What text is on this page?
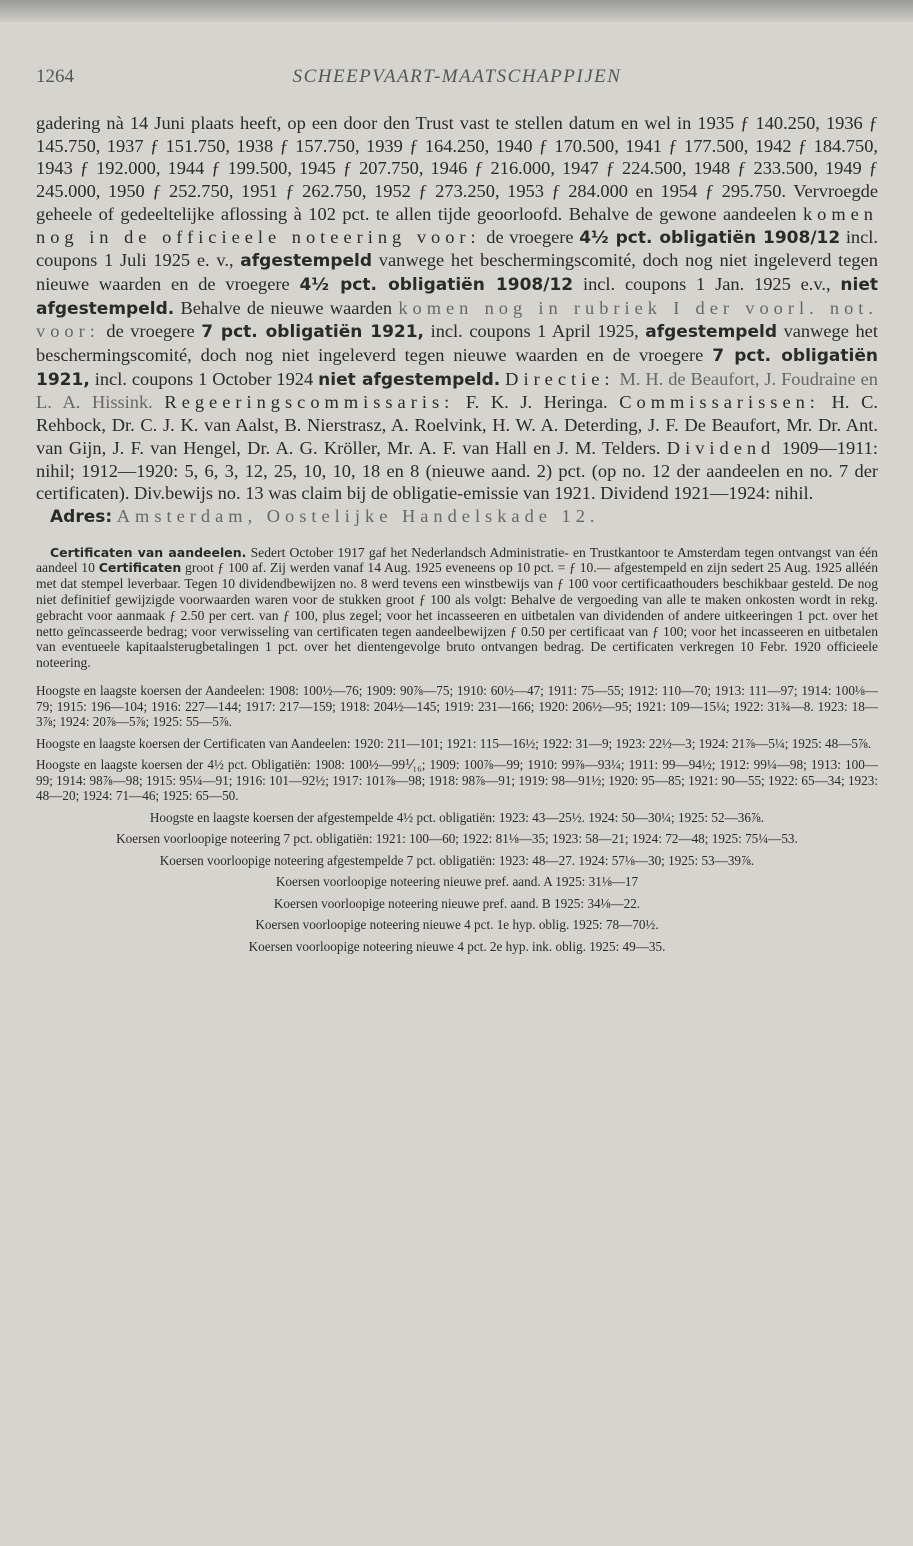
1264	SCHEEPVAART-MAATSCHAPPIJEN
gadering nà 14 Juni plaats heeft, op een door den Trust vast te stellen datum en wel in 1935 ƒ 140.250, 1936 ƒ 145.750, 1937 ƒ 151.750, 1938 ƒ 157.750, 1939 ƒ 164.250, 1940 ƒ 170.500, 1941 ƒ 177.500, 1942 ƒ 184.750, 1943 ƒ 192.000, 1944 ƒ 199.500, 1945 ƒ 207.750, 1946 ƒ 216.000, 1947 ƒ 224.500, 1948 ƒ 233.500, 1949 ƒ 245.000, 1950 ƒ 252.750, 1951 ƒ 262.750, 1952 ƒ 273.250, 1953 ƒ 284.000 en 1954 ƒ 295.750. Vervroegde geheele of gedeeltelijke aflossing à 102 pct. te allen tijde geoorloofd. Behalve de gewone aandeelen komen nog in de officieele noteering voor: de vroegere 4½ pct. obligatiën 1908/12 incl. coupons 1 Juli 1925 e. v., afgestempeld vanwege het beschermingscomité, doch nog niet ingeleverd tegen nieuwe waarden en de vroegere 4½ pct. obligatiën 1908/12 incl. coupons 1 Jan. 1925 e.v., niet afgestempeld. Behalve de nieuwe waarden komen nog in rubriek I der voorl. not. voor: de vroegere 7 pct. obligatiën 1921, incl. coupons 1 April 1925, afgestempeld vanwege het beschermingscomité, doch nog niet ingeleverd tegen nieuwe waarden en de vroegere 7 pct. obligatiën 1921, incl. coupons 1 October 1924 niet afgestempeld. Directie: M. H. de Beaufort, J. Foudraine en L. A. Hissink. Regeeringscommissaris: F. K. J. Heringa. Commissarissen: H. C. Rehbock, Dr. C. J. K. van Aalst, B. Nierstrasz, A. Roelvink, H. W. A. Deterding, J. F. De Beaufort, Mr. Dr. Ant. van Gijn, J. F. van Hengel, Dr. A. G. Kröller, Mr. A. F. van Hall en J. M. Telders. Dividend 1909—1911: nihil; 1912—1920: 5, 6, 3, 12, 25, 10, 10, 18 en 8 (nieuwe aand. 2) pct. (op no. 12 der aandeelen en no. 7 der certificaten). Div.bewijs no. 13 was claim bij de obligatie-emissie van 1921. Dividend 1921—1924: nihil.
Adres: Amsterdam, Oostelijke Handelskade 12.
Certificaten van aandeelen. Sedert October 1917 gaf het Nederlandsch Administratie- en Trustkantoor te Amsterdam tegen ontvangst van één aandeel 10 Certificaten groot ƒ 100 af. Zij werden vanaf 14 Aug. 1925 eveneens op 10 pct. = ƒ 10.— afgestempeld en zijn sedert 25 Aug. 1925 alléén met dat stempel leverbaar. Tegen 10 dividendbewijzen no. 8 werd tevens een winstbewijs van ƒ 100 voor certificaathouders beschikbaar gesteld. De nog niet definitief gewijzigde voorwaarden waren voor de stukken groot ƒ 100 als volgt: Behalve de vergoeding van alle te maken onkosten wordt in rekg. gebracht voor aanmaak ƒ 2.50 per cert. van ƒ 100, plus zegel; voor het incasseeren en uitbetalen van dividenden of andere uitkeeringen 1 pct. over het netto geïncasseerde bedrag; voor verwisseling van certificaten tegen aandeelbewijzen ƒ 0.50 per certificaat van ƒ 100; voor het incasseeren en uitbetalen van eventueele kapitaalsterugbetalingen 1 pct. over het dientengevolge bruto ontvangen bedrag. De certificaten verkregen 10 Febr. 1920 officieele noteering.
Hoogste en laagste koersen der Aandeelen: 1908: 100½—76; 1909: 90⅞—75; 1910: 60½—47; 1911: 75—55; 1912: 110—70; 1913: 111—97; 1914: 100⅛—79; 1915: 196—104; 1916: 227—144; 1917: 217—159; 1918: 204½—145; 1919: 231—166; 1920: 206½—95; 1921: 109—15¼; 1922: 31¾—8. 1923: 18—3⅞; 1924: 20⅞—5⅞; 1925: 55—5⅞.
Hoogste en laagste koersen der Certificaten van Aandeelen: 1920: 211—101; 1921: 115—16½; 1922: 31—9; 1923: 22½—3; 1924: 21⅞—5¼; 1925: 48—5⅞.
Hoogste en laagste koersen der 4½ pct. Obligatiën: 1908: 100½—99⅟₁₆; 1909: 100⅞—99; 1910: 99⅞—93¼; 1911: 99—94½; 1912: 99¼—98; 1913: 100—99; 1914: 98⅞—98; 1915: 95¼—91; 1916: 101—92½; 1917: 101⅞—98; 1918: 98⅞—91; 1919: 98—91½; 1920: 95—85; 1921: 90—55; 1922: 65—34; 1923: 48—20; 1924: 71—46; 1925: 65—50.
Hoogste en laagste koersen der afgestempelde 4½ pct. obligatiën: 1923: 43—25½. 1924: 50—30¼; 1925: 52—36⅞.
Koersen voorloopige noteering 7 pct. obligatiën: 1921: 100—60; 1922: 81⅛—35; 1923: 58—21; 1924: 72—48; 1925: 75¼—53.
Koersen voorloopige noteering afgestempelde 7 pct. obligatiën: 1923: 48—27. 1924: 57⅛—30; 1925: 53—39⅞.
Koersen voorloopige noteering nieuwe pref. aand. A 1925: 31⅛—17
Koersen voorloopige noteering nieuwe pref. aand. B 1925: 34⅛—22.
Koersen voorloopige noteering nieuwe 4 pct. 1e hyp. oblig. 1925: 78—70½.
Koersen voorloopige noteering nieuwe 4 pct. 2e hyp. ink. oblig. 1925: 49—35.
